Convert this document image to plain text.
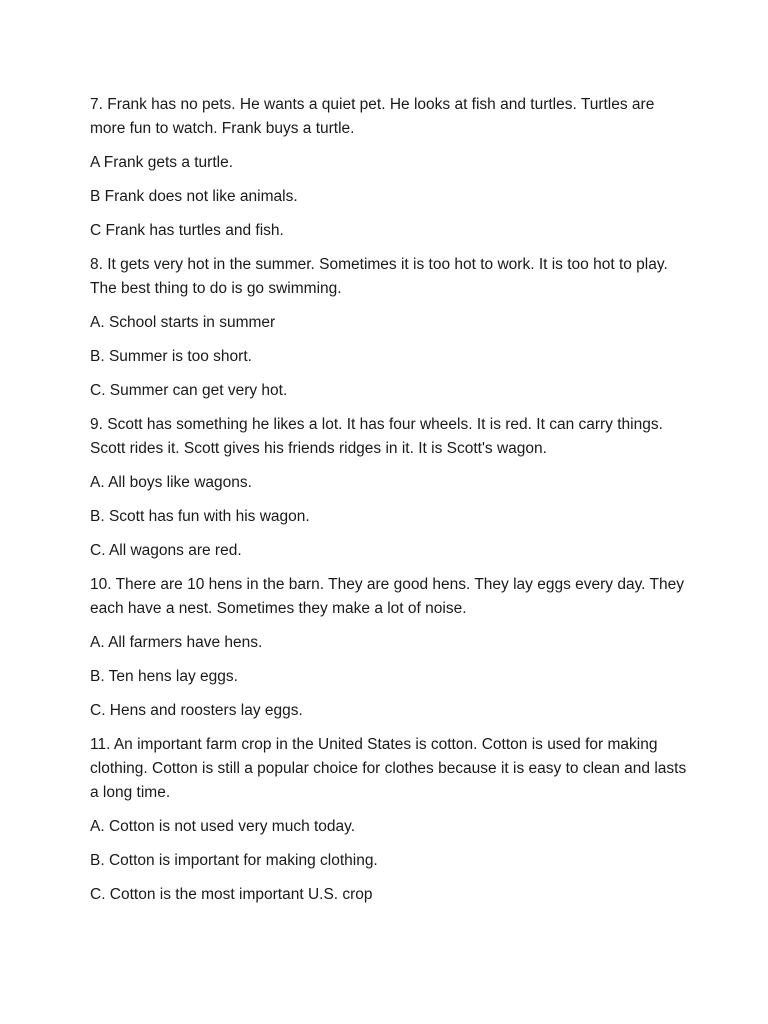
7. Frank has no pets. He wants a quiet pet. He looks at fish and turtles. Turtles are more fun to watch. Frank buys a turtle.

A Frank gets a turtle.

B Frank does not like animals.

C Frank has turtles and fish.

8. It gets very hot in the summer. Sometimes it is too hot to work. It is too hot to play. The best thing to do is go swimming.

A. School starts in summer

B. Summer is too short.

C. Summer can get very hot.

9. Scott has something he likes a lot. It has four wheels. It is red. It can carry things. Scott rides it. Scott gives his friends ridges in it. It is Scott's wagon.

A. All boys like wagons.

B. Scott has fun with his wagon.

C. All wagons are red.

10. There are 10 hens in the barn. They are good hens. They lay eggs every day. They each have a nest. Sometimes they make a lot of noise.

A. All farmers have hens.

B. Ten hens lay eggs.

C. Hens and roosters lay eggs.

11. An important farm crop in the United States is cotton. Cotton is used for making clothing. Cotton is still a popular choice for clothes because it is easy to clean and lasts a long time.

A. Cotton is not used very much today.

B. Cotton is important for making clothing.

C. Cotton is the most important U.S. crop
